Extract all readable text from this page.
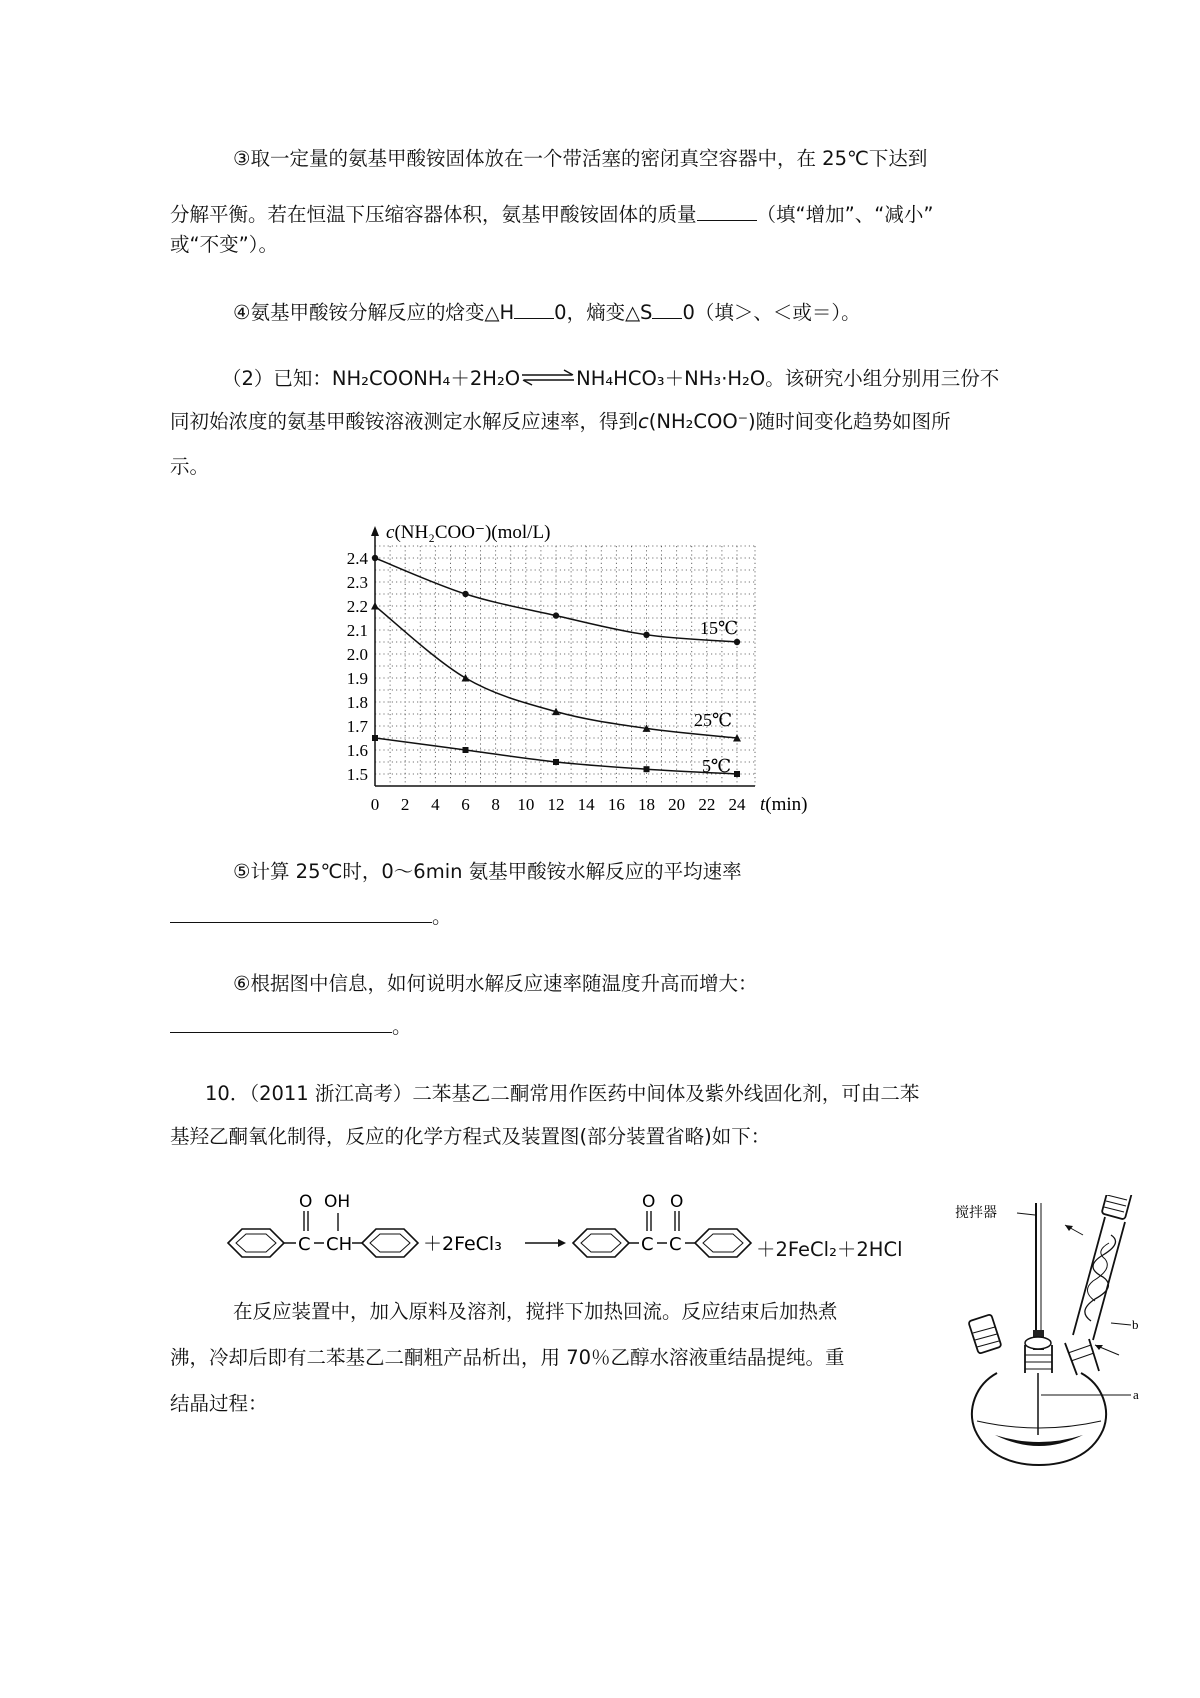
③取一定量的氨基甲酸铵固体放在一个带活塞的密闭真空容器中，在 25℃下达到
分解平衡。若在恒温下压缩容器体积，氨基甲酸铵固体的质量	（填“增加”、“减小”
或“不变”）。
④氨基甲酸铵分解反应的焓变△H 0，熵变△S 0（填＞、＜或＝）。
（2）已知：NH₂COONH₄＋2H₂O⇌NH₄HCO₃＋NH₃·H₂O。该研究小组分别用三份不
同初始浓度的氨基甲酸铵溶液测定水解反应速率，得到c(NH₂COO⁻)随时间变化趋势如图所
示。
c(NH₂COO⁻)(mol/L)
t(min)
0 2 4 6 8 10 12 14 16 18 20 22 24
1.5
1.6
1.7
1.8
1.9
2.0
2.1
2.2
2.3
2.4
15℃
25℃
5℃
⑤计算 25℃时，0～6min 氨基甲酸铵水解反应的平均速率
。
⑥根据图中信息，如何说明水解反应速率随温度升高而增大：
。
10．（2011 浙江高考）二苯基乙二酮常用作医药中间体及紫外线固化剂，可由二苯
基羟乙酮氧化制得，反应的化学方程式及装置图(部分装置省略)如下：
C
O
CH
OH
＋2FeCl₃	C
O
C
O
＋2FeCl₂＋2HCl
搅拌器
b
a
在反应装置中，加入原料及溶剂，搅拌下加热回流。反应结束后加热煮
沸，冷却后即有二苯基乙二酮粗产品析出，用 70％乙醇水溶液重结晶提纯。重
结晶过程：
